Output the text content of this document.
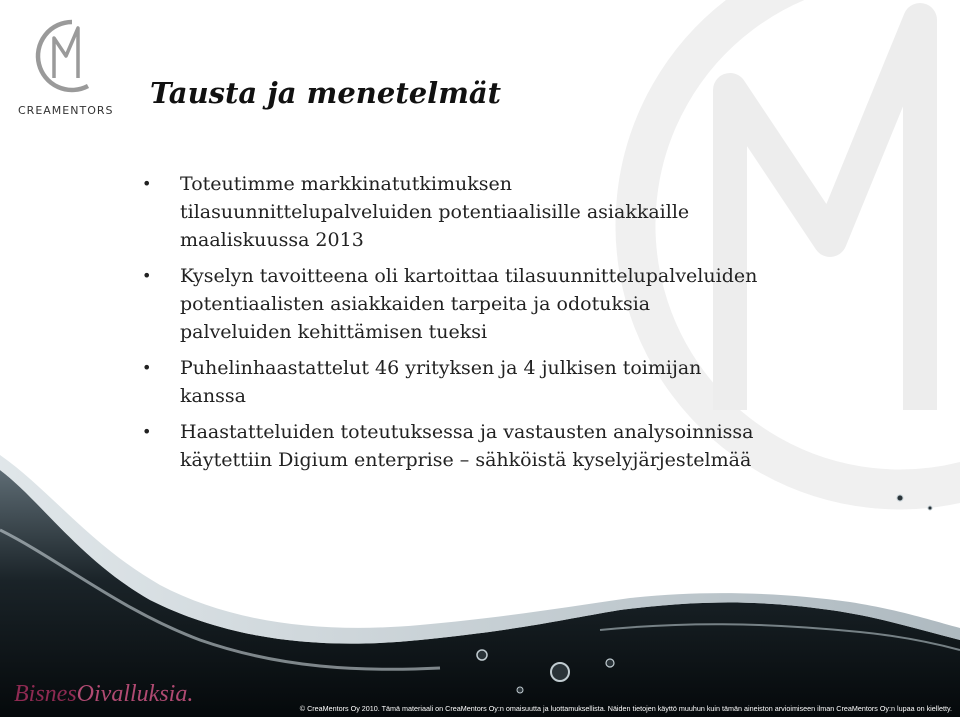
CREAMENTORS
Tausta ja menetelmät
• Toteutimme markkinatutkimuksen
tilasuunnittelupalveluiden potentiaalisille asiakkaille
maaliskuussa 2013
• Kyselyn tavoitteena oli kartoittaa tilasuunnittelupalveluiden
potentiaalisten asiakkaiden tarpeita ja odotuksia
palveluiden kehittämisen tueksi
• Puhelinhaastattelut 46 yrityksen ja 4 julkisen toimijan
kanssa
• Haastatteluiden toteutuksessa ja vastausten analysoinnissa
käytettiin Digium enterprise – sähköistä kyselyjärjestelmää
BisnesOivalluksia.
© CreaMentors Oy 2010. Tämä materiaali on CreaMentors Oy:n omaisuutta ja luottamuksellista. Näiden tietojen käyttö muuhun kuin tämän aineiston arvioimiseen ilman CreaMentors Oy:n lupaa on kielletty.
